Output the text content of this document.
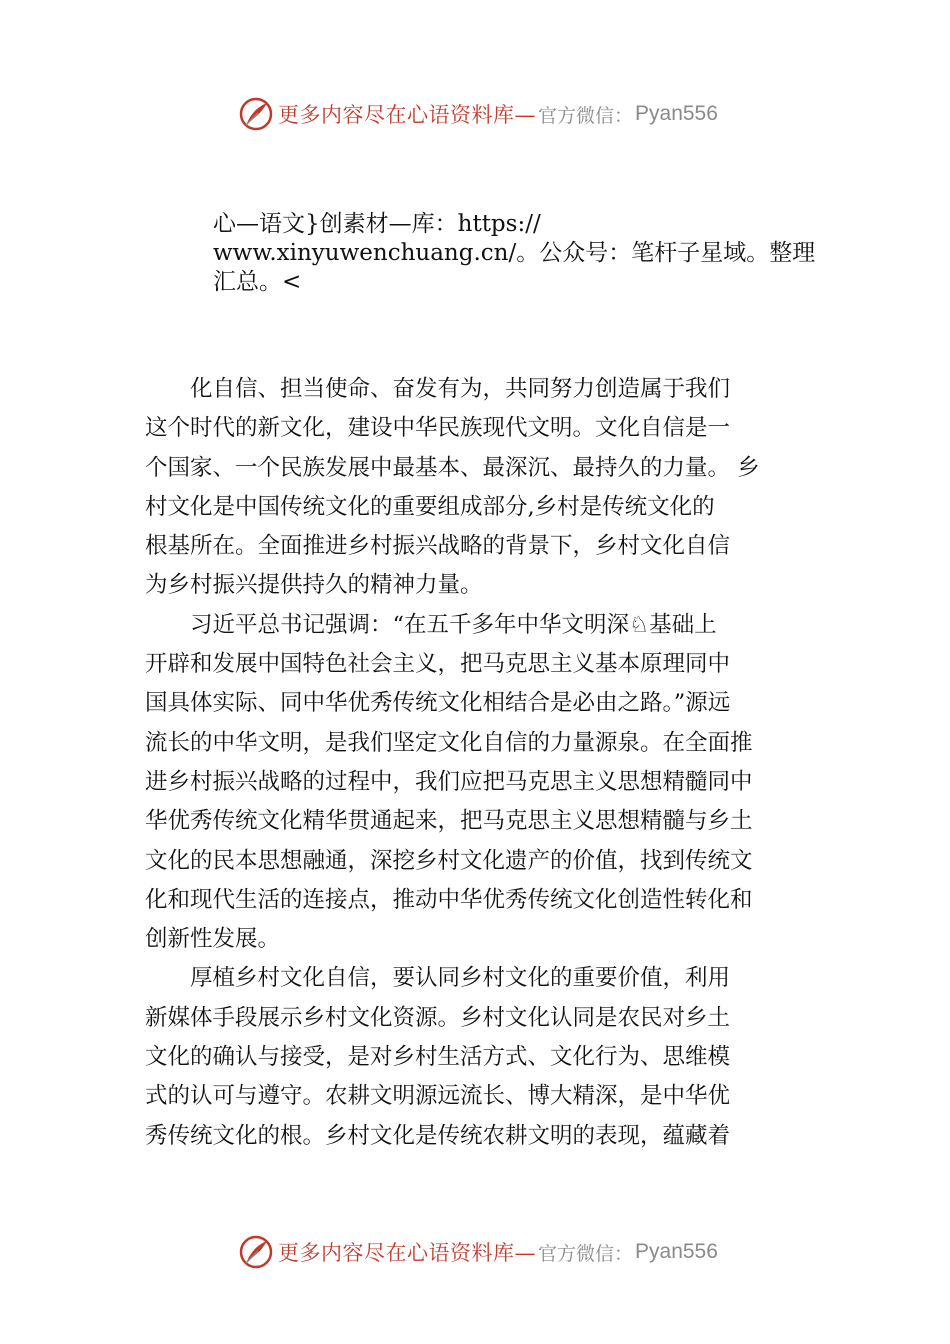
更多内容尽在心语资料库— 官方微信： Pyan556
心—语文}创素材—库：https://
www.xinyuwenchuang.cn/。公众号：笔杆子星域。整理
汇总。<

化自信、担当使命、奋发有为，共同努力创造属于我们
这个时代的新文化，建设中华民族现代文明。文化自信是一
个国家、一个民族发展中最基本、最深沉、最持久的力量。 乡
村文化是中国传统文化的重要组成部分,乡村是传统文化的
根基所在。全面推进乡村振兴战略的背景下，乡村文化自信
为乡村振兴提供持久的精神力量。

习近平总书记强调：“在五千多年中华文明深♘基础上
开辟和发展中国特色社会主义，把马克思主义基本原理同中
国具体实际、同中华优秀传统文化相结合是必由之路。”源远
流长的中华文明，是我们坚定文化自信的力量源泉。在全面推
进乡村振兴战略的过程中，我们应把马克思主义思想精髓同中
华优秀传统文化精华贯通起来，把马克思主义思想精髓与乡土
文化的民本思想融通，深挖乡村文化遗产的价值，找到传统文
化和现代生活的连接点，推动中华优秀传统文化创造性转化和
创新性发展。

厚植乡村文化自信，要认同乡村文化的重要价值，利用
新媒体手段展示乡村文化资源。乡村文化认同是农民对乡土
文化的确认与接受，是对乡村生活方式、文化行为、思维模
式的认可与遵守。农耕文明源远流长、博大精深，是中华优
秀传统文化的根。乡村文化是传统农耕文明的表现，蕴藏着

更多内容尽在心语资料库— 官方微信： Pyan556
